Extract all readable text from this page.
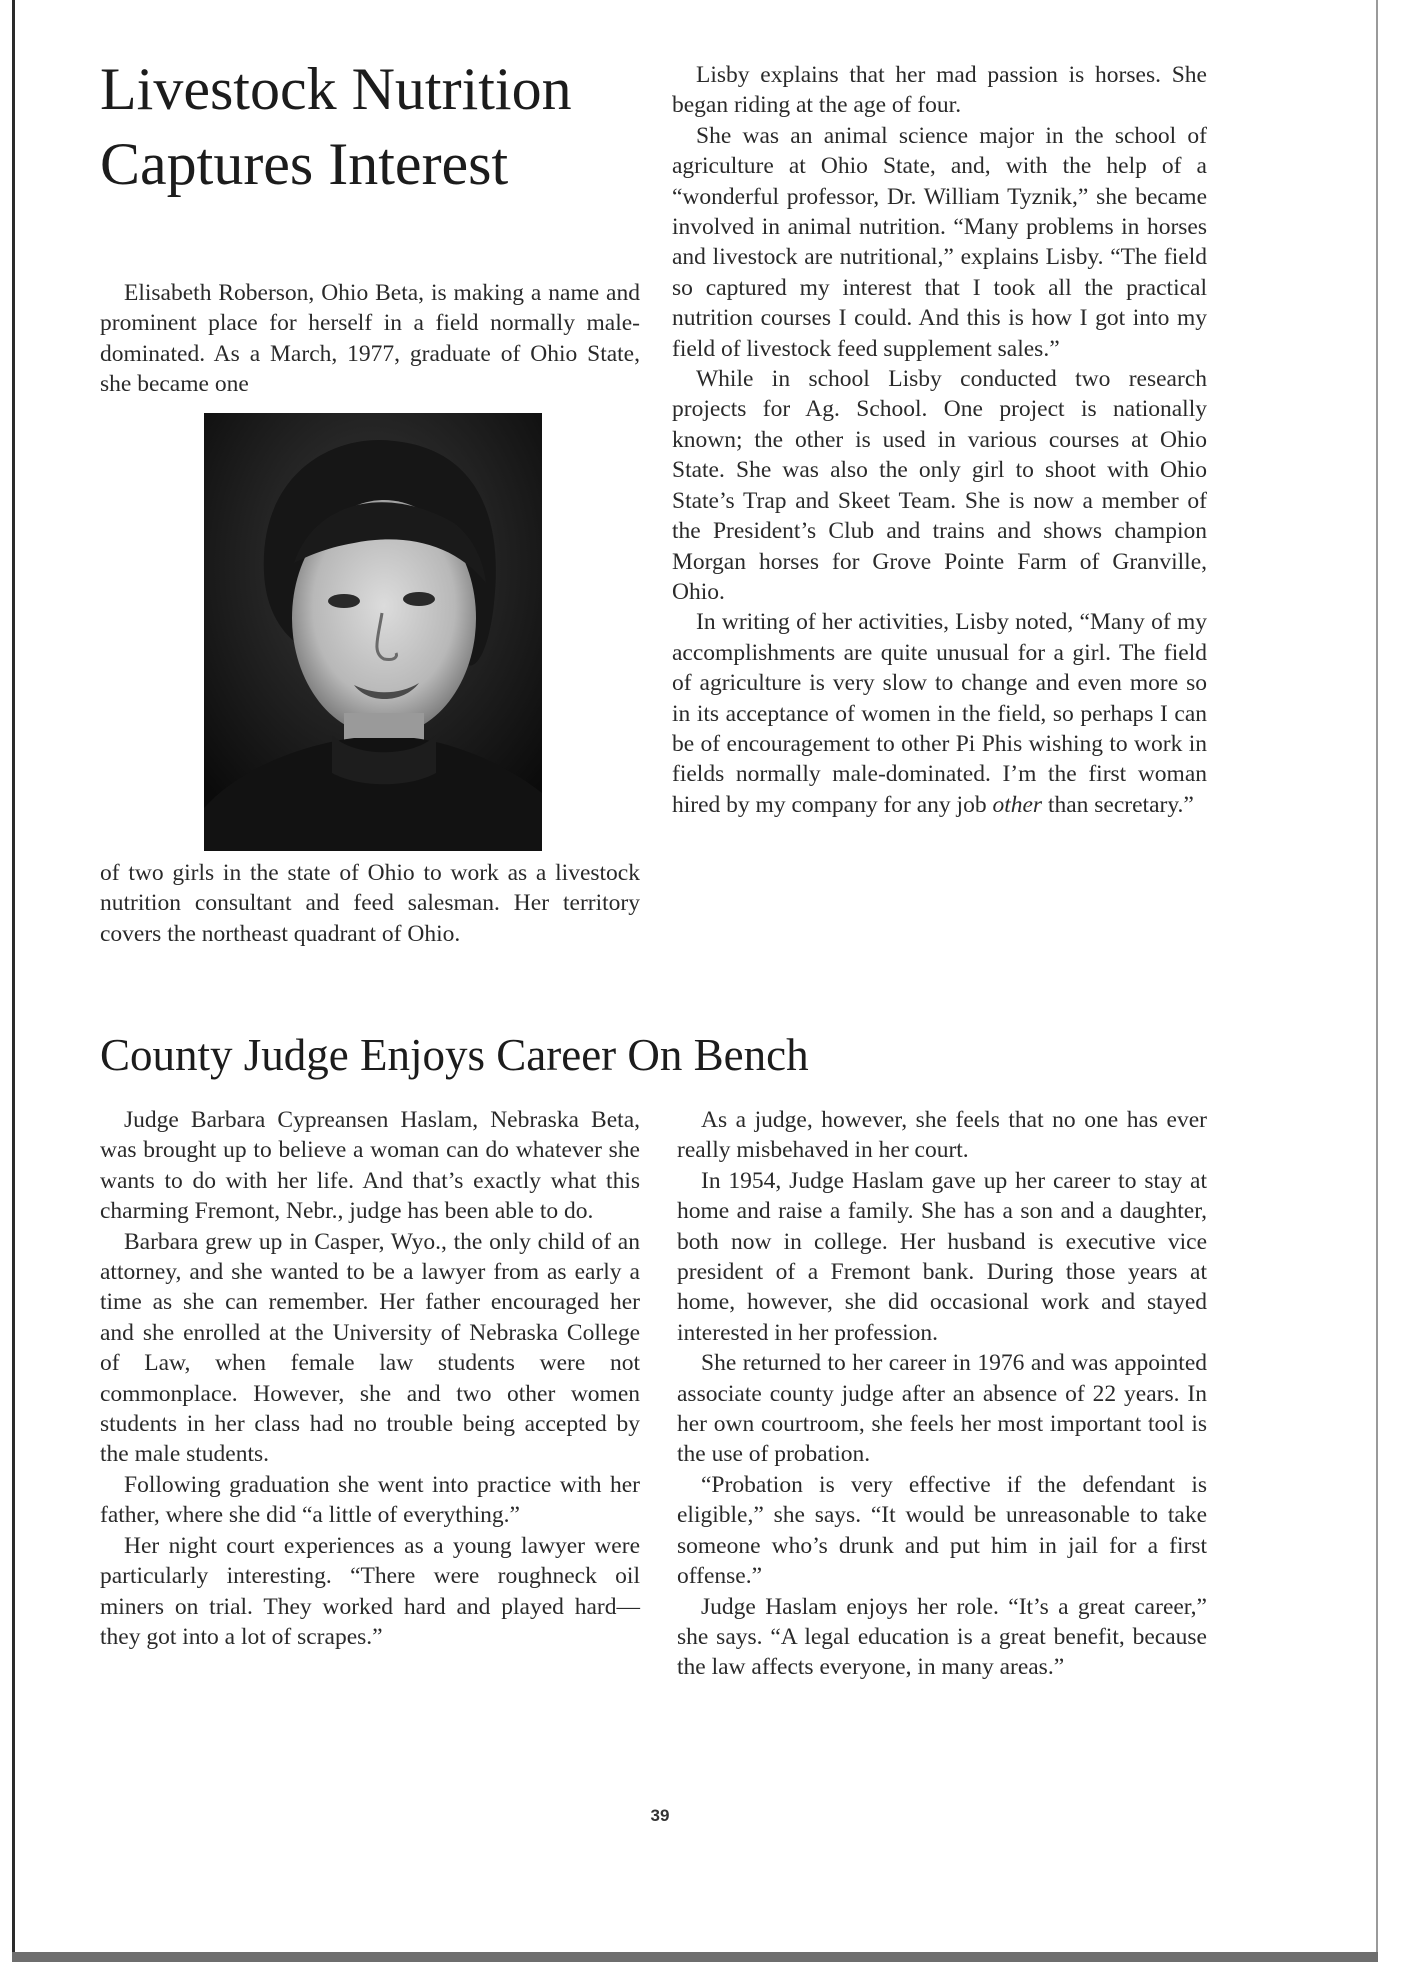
Livestock Nutrition Captures Interest

Elisabeth Roberson, Ohio Beta, is making a name and prominent place for herself in a field normally male-dominated. As a March, 1977, graduate of Ohio State, she became one

of two girls in the state of Ohio to work as a livestock nutrition consultant and feed salesman. Her territory covers the northeast quadrant of Ohio.

Lisby explains that her mad passion is horses. She began riding at the age of four.

She was an animal science major in the school of agriculture at Ohio State, and, with the help of a “wonderful professor, Dr. William Tyznik,” she became involved in animal nutrition. “Many problems in horses and livestock are nutritional,” explains Lisby. “The field so captured my interest that I took all the practical nutrition courses I could. And this is how I got into my field of livestock feed supplement sales.”

While in school Lisby conducted two research projects for Ag. School. One project is nationally known; the other is used in various courses at Ohio State. She was also the only girl to shoot with Ohio State’s Trap and Skeet Team. She is now a member of the President’s Club and trains and shows champion Morgan horses for Grove Pointe Farm of Granville, Ohio.

In writing of her activities, Lisby noted, “Many of my accomplishments are quite unusual for a girl. The field of agriculture is very slow to change and even more so in its acceptance of women in the field, so perhaps I can be of encouragement to other Pi Phis wishing to work in fields normally male-dominated. I’m the first woman hired by my company for any job other than secretary.”

County Judge Enjoys Career On Bench

Judge Barbara Cypreansen Haslam, Nebraska Beta, was brought up to believe a woman can do whatever she wants to do with her life. And that’s exactly what this charming Fremont, Nebr., judge has been able to do.

Barbara grew up in Casper, Wyo., the only child of an attorney, and she wanted to be a lawyer from as early a time as she can remember. Her father encouraged her and she enrolled at the University of Nebraska College of Law, when female law students were not commonplace. However, she and two other women students in her class had no trouble being accepted by the male students.

Following graduation she went into practice with her father, where she did “a little of everything.”

Her night court experiences as a young lawyer were particularly interesting. “There were roughneck oil miners on trial. They worked hard and played hard—they got into a lot of scrapes.”

As a judge, however, she feels that no one has ever really misbehaved in her court.

In 1954, Judge Haslam gave up her career to stay at home and raise a family. She has a son and a daughter, both now in college. Her husband is executive vice president of a Fremont bank. During those years at home, however, she did occasional work and stayed interested in her profession.

She returned to her career in 1976 and was appointed associate county judge after an absence of 22 years. In her own courtroom, she feels her most important tool is the use of probation.

“Probation is very effective if the defendant is eligible,” she says. “It would be unreasonable to take someone who’s drunk and put him in jail for a first offense.”

Judge Haslam enjoys her role. “It’s a great career,” she says. “A legal education is a great benefit, because the law affects everyone, in many areas.”

39
